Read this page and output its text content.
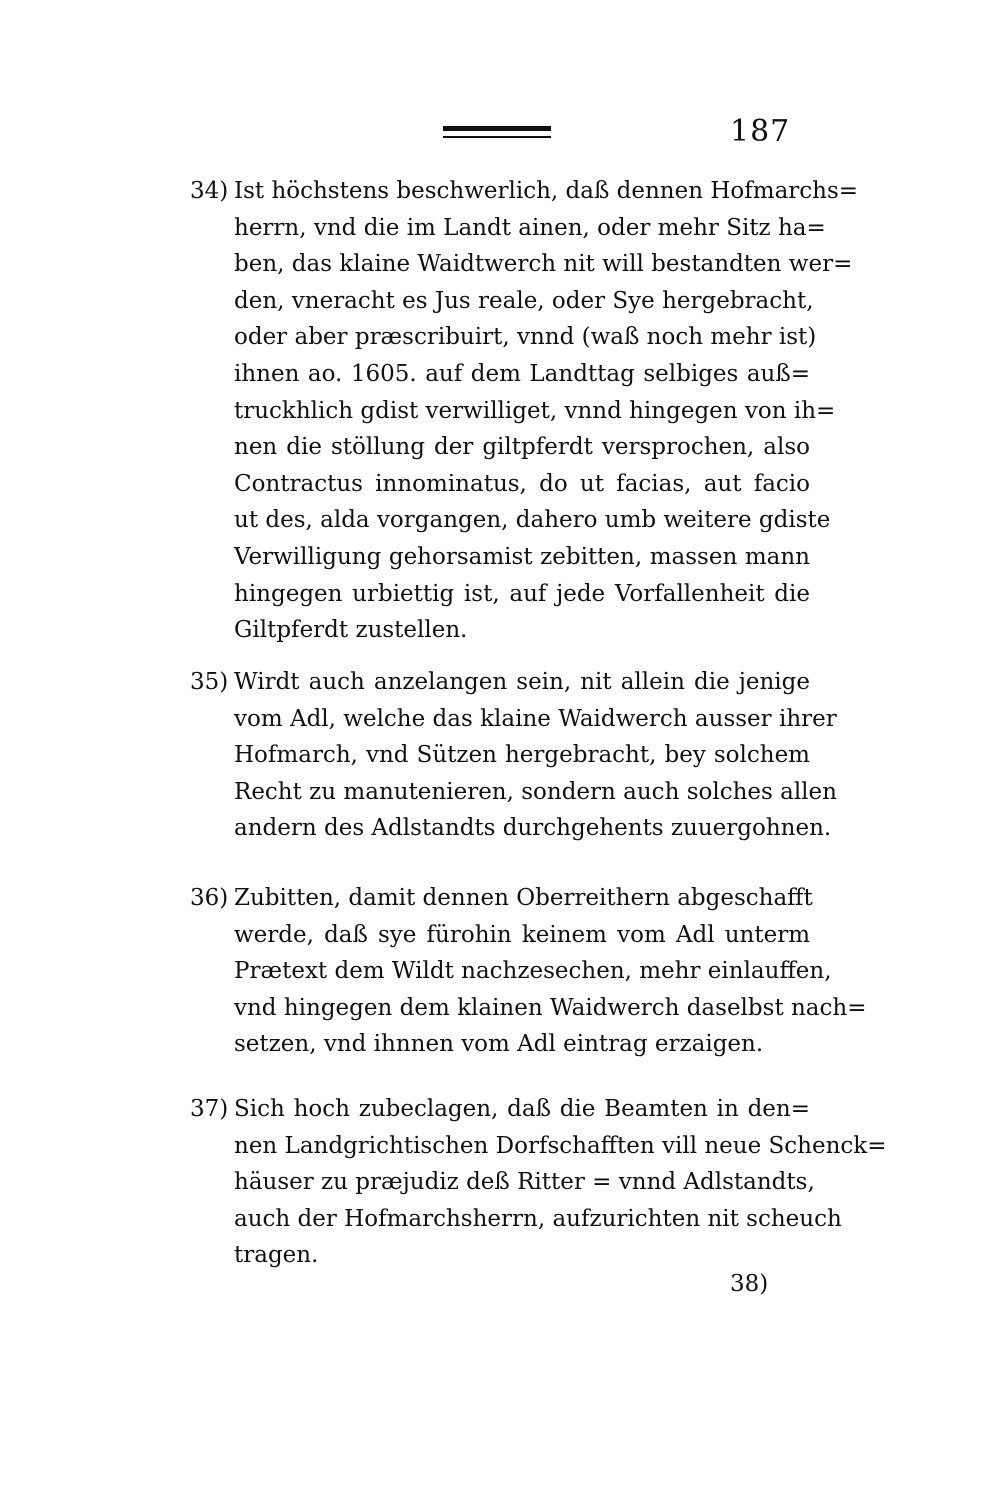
187
34) Ist höchstens beschwerlich, daß dennen Hofmarchs=
herrn, vnd die im Landt ainen, oder mehr Sitz ha=
ben, das klaine Waidtwerch nit will bestandten wer=
den, vneracht es Jus reale, oder Sye hergebracht,
oder aber præscribuirt, vnnd (waß noch mehr ist)
ihnen ao. 1605. auf dem Landttag selbiges auß=
truckhlich gdist verwilliget, vnnd hingegen von ih=
nen die stöllung der giltpferdt versprochen, also
Contractus innominatus, do ut facias, aut facio
ut des, alda vorgangen, dahero umb weitere gdiste
Verwilligung gehorsamist zebitten, massen mann
hingegen urbiettig ist, auf jede Vorfallenheit die
Giltpferdt zustellen.
35) Wirdt auch anzelangen sein, nit allein die jenige
vom Adl, welche das klaine Waidwerch ausser ihrer
Hofmarch, vnd Sützen hergebracht, bey solchem
Recht zu manutenieren, sondern auch solches allen
andern des Adlstandts durchgehents zuuergohnen.
36) Zubitten, damit dennen Oberreithern abgeschafft
werde, daß sye fürohin keinem vom Adl unterm
Prætext dem Wildt nachzesechen, mehr einlauffen,
vnd hingegen dem klainen Waidwerch daselbst nach=
setzen, vnd ihnnen vom Adl eintrag erzaigen.
37) Sich hoch zubeclagen, daß die Beamten in den=
nen Landgrichtischen Dorfschafften vill neue Schenck=
häuser zu præjudiz deß Ritter = vnnd Adlstandts,
auch der Hofmarchsherrn, aufzurichten nit scheuch
tragen.
38)
